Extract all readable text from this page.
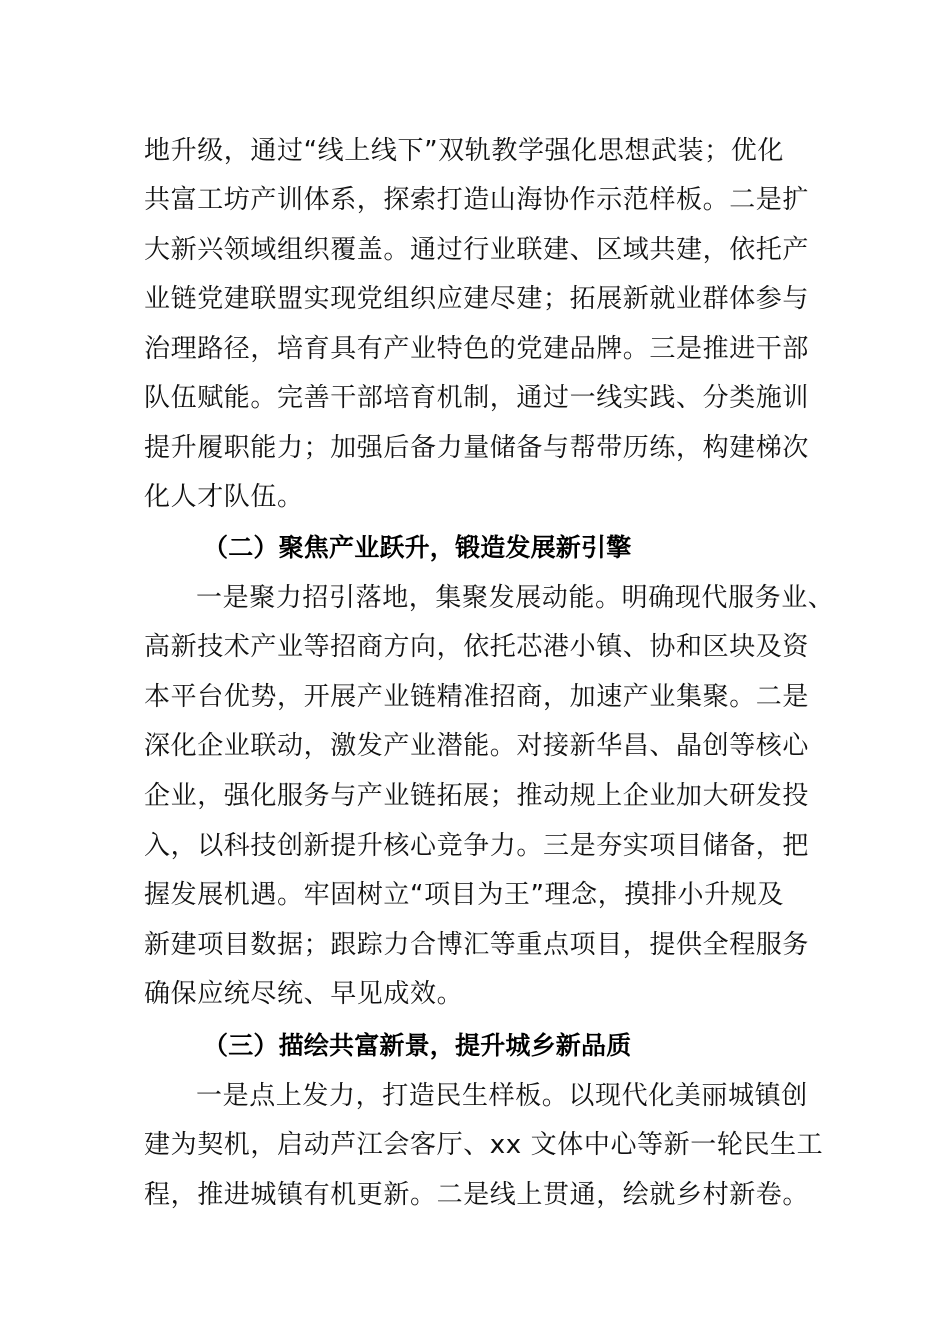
地升级，通过“线上线下”双轨教学强化思想武装；优化
共富工坊产训体系，探索打造山海协作示范样板。二是扩
大新兴领域组织覆盖。通过行业联建、区域共建，依托产
业链党建联盟实现党组织应建尽建；拓展新就业群体参与
治理路径，培育具有产业特色的党建品牌。三是推进干部
队伍赋能。完善干部培育机制，通过一线实践、分类施训
提升履职能力；加强后备力量储备与帮带历练，构建梯次
化人才队伍。
（二）聚焦产业跃升，锻造发展新引擎
一是聚力招引落地，集聚发展动能。明确现代服务业、
高新技术产业等招商方向，依托芯港小镇、协和区块及资
本平台优势，开展产业链精准招商，加速产业集聚。二是
深化企业联动，激发产业潜能。对接新华昌、晶创等核心
企业，强化服务与产业链拓展；推动规上企业加大研发投
入，以科技创新提升核心竞争力。三是夯实项目储备，把
握发展机遇。牢固树立“项目为王”理念，摸排小升规及
新建项目数据；跟踪力合博汇等重点项目，提供全程服务
确保应统尽统、早见成效。
（三）描绘共富新景，提升城乡新品质
一是点上发力，打造民生样板。以现代化美丽城镇创
建为契机，启动芦江会客厅、xx 文体中心等新一轮民生工
程，推进城镇有机更新。二是线上贯通，绘就乡村新卷。
